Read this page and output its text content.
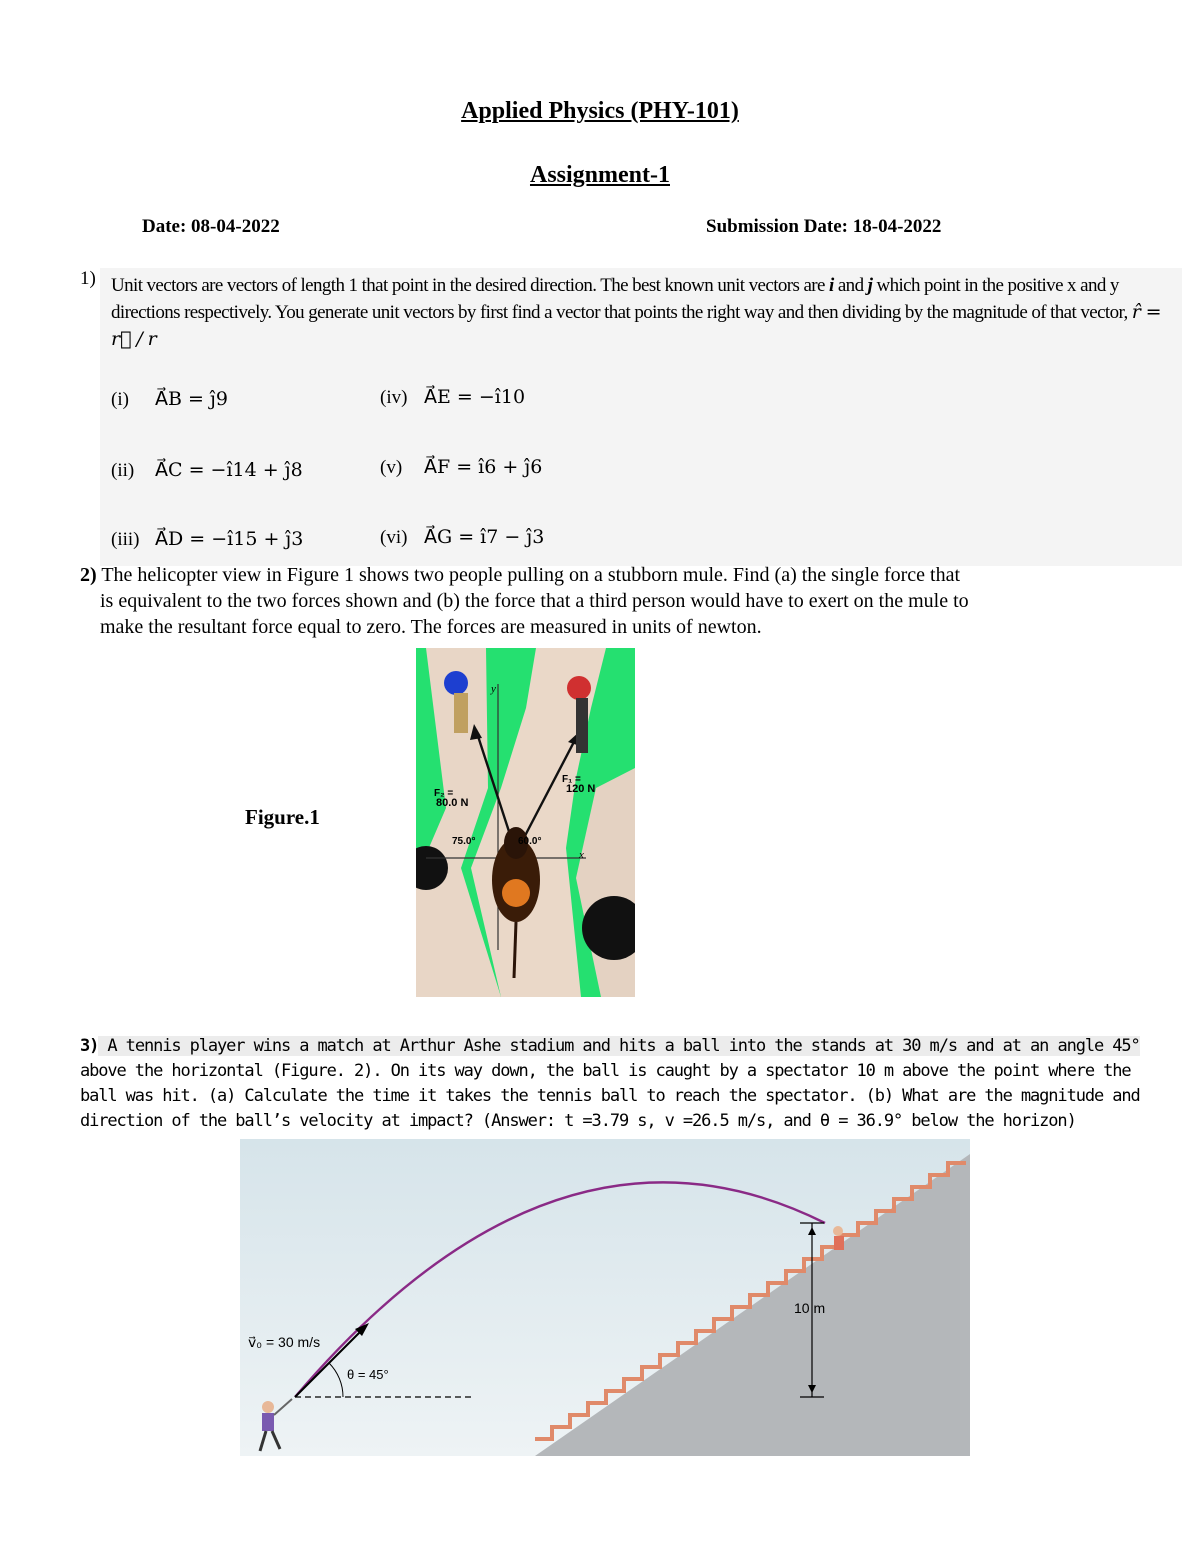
Applied Physics (PHY-101)
Assignment-1
Date: 08-04-2022	Submission Date: 18-04-2022
1) Unit vectors are vectors of length 1 that point in the desired direction. The best known unit vectors are i and j which point in the positive x and y directions respectively. You generate unit vectors by first find a vector that points the right way and then dividing by the magnitude of that vector, r̂ = r⃗ / r
(i) A⃗B = ĵ9	(iv) A⃗E = −î10
(ii) A⃗C = −î14 + ĵ8	(v) A⃗F = î6 + ĵ6
(iii) A⃗D = −î15 + ĵ3	(vi) A⃗G = î7 − ĵ3
2) The helicopter view in Figure 1 shows two people pulling on a stubborn mule. Find (a) the single force that
is equivalent to the two forces shown and (b) the force that a third person would have to exert on the mule to
make the resultant force equal to zero. The forces are measured in units of newton.
Figure.1
y
x
F₂ =
80.0 N
F₁ =
120 N
75.0°	60.0°
3) A tennis player wins a match at Arthur Ashe stadium and hits a ball into the stands at 30 m/s and at an angle 45° above the horizontal (Figure. 2). On its way down, the ball is caught by a spectator 10 m above the point where the ball was hit. (a) Calculate the time it takes the tennis ball to reach the spectator. (b) What are the magnitude and direction of the ball’s velocity at impact? (Answer: t =3.79 s, v =26.5 m/s, and θ = 36.9° below the horizon)
v⃗₀ = 30 m/s
θ = 45°
10 m
